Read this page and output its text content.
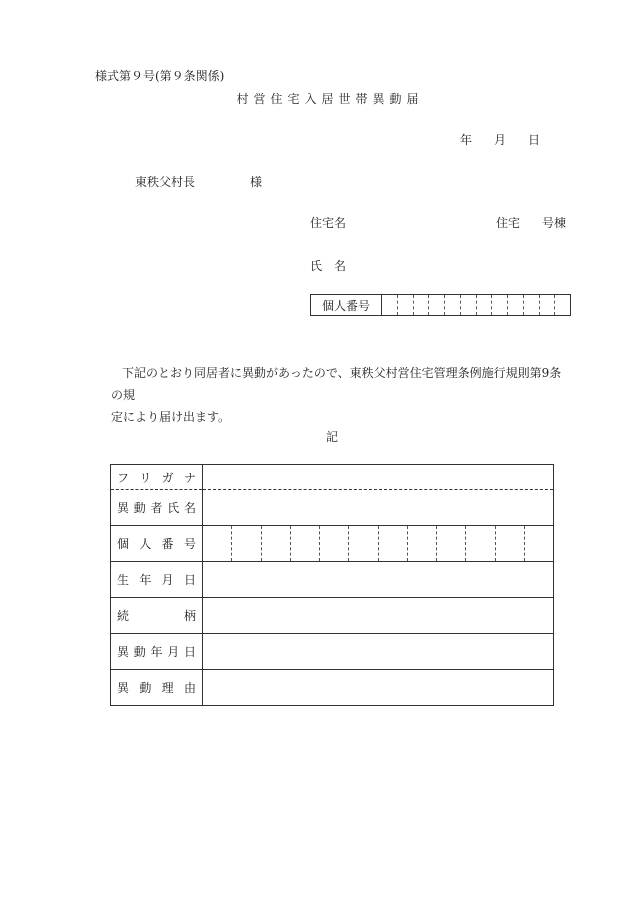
様式第９号(第９条関係)
村営住宅入居世帯異動届
年 月 日
東秩父村長	様
住宅名	住宅 号棟
氏 名
個人番号

下記のとおり同居者に異動があったので、東秩父村営住宅管理条例施行規則第9条の規

定により届け出ます。
記
フ リ ガ ナ	

異 動 者 氏 名	

個 人 番 号	

生 年 月 日	

続 柄	

異 動 年 月 日	

異 動 理 由	
